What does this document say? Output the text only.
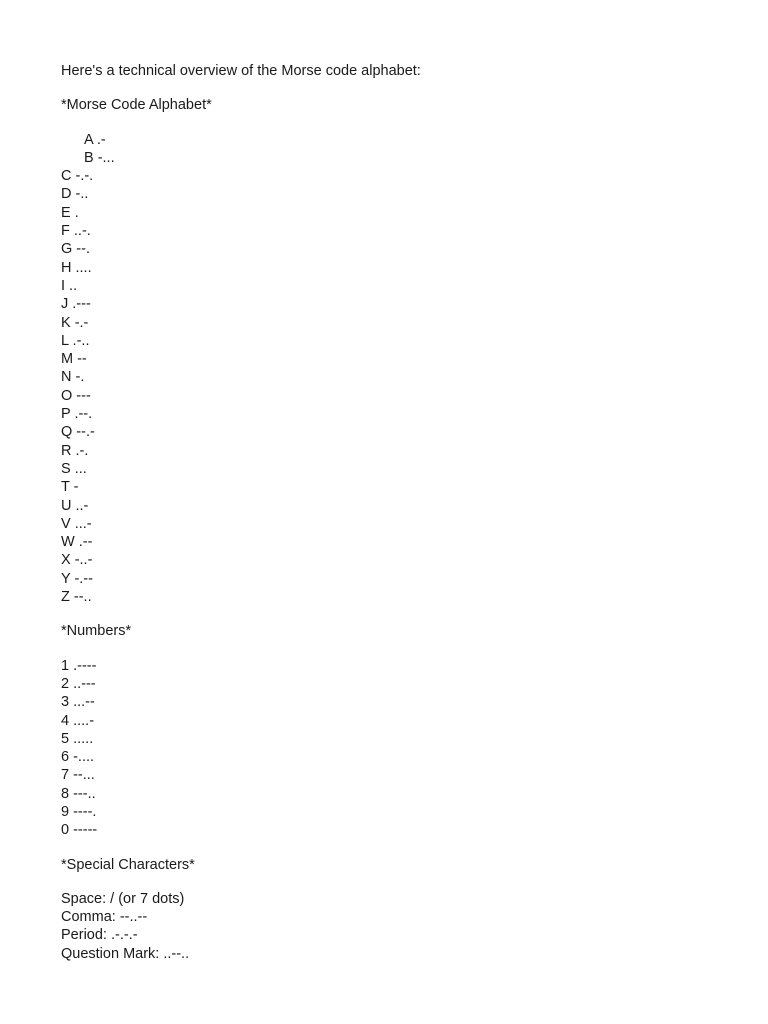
Here's a technical overview of the Morse code alphabet:

*Morse Code Alphabet*

A .-
B -...
C -.-.
D -..
E .
F ..-.
G --.
H ....
I ..
J .---
K -.-
L .-..
M --
N -.
O ---
P .--.
Q --.-
R .-.
S ...
T -
U ..-
V ...-
W .--
X -..-
Y -.--
Z --..

*Numbers*

1 .----
2 ..---
3 ...--
4 ....-
5 .....
6 -....
7 --...
8 ---..
9 ----.
0 -----

*Special Characters*

Space: / (or 7 dots)
Comma: --..--
Period: .-.-.-
Question Mark: ..--..
